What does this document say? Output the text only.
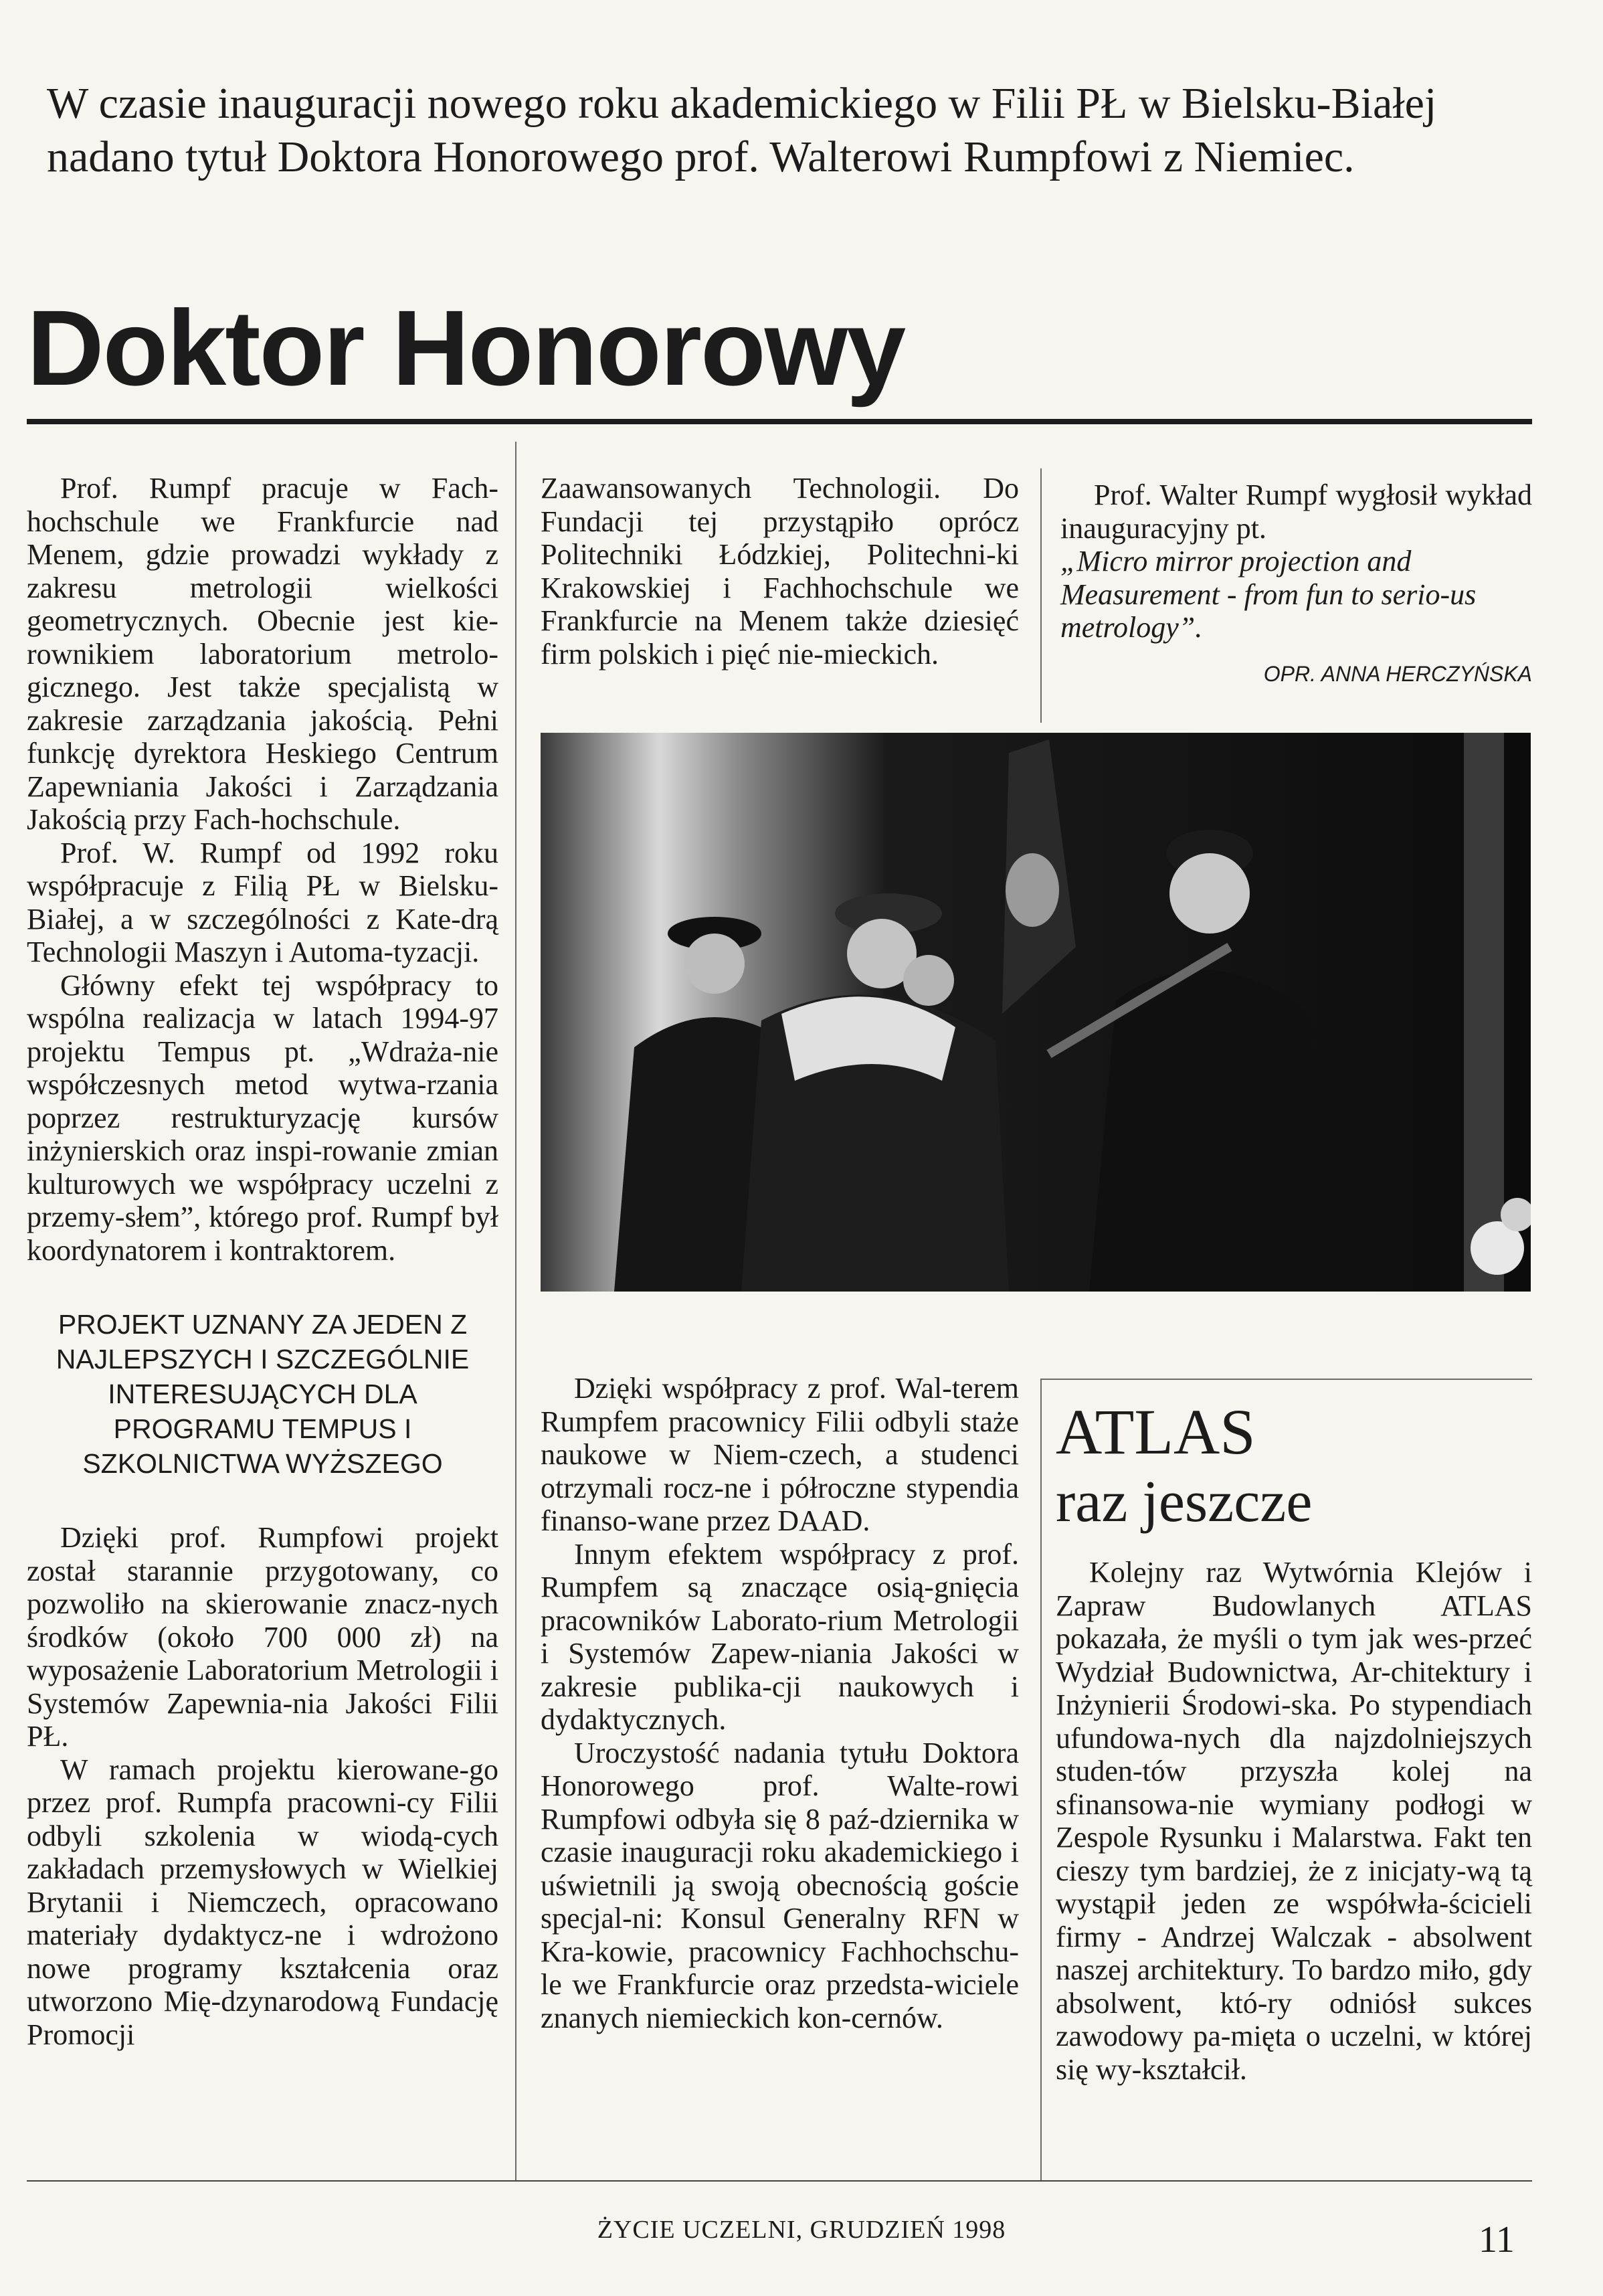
W czasie inauguracji nowego roku akademickiego w Filii PŁ w Bielsku-Białej nadano tytuł Doktora Honorowego prof. Walterowi Rumpfowi z Niemiec.
Doktor Honorowy

Prof. Rumpf pracuje w Fach-hochschule we Frankfurcie nad Menem, gdzie prowadzi wykłady z zakresu metrologii wielkości geometrycznych. Obecnie jest kie-rownikiem laboratorium metrolo-gicznego. Jest także specjalistą w zakresie zarządzania jakością. Pełni funkcję dyrektora Heskiego Centrum Zapewniania Jakości i Zarządzania Jakością przy Fach-hochschule.

Prof. W. Rumpf od 1992 roku współpracuje z Filią PŁ w Bielsku-Białej, a w szczególności z Kate-drą Technologii Maszyn i Automa-tyzacji.

Główny efekt tej współpracy to wspólna realizacja w latach 1994-97 projektu Tempus pt. „Wdraża-nie współczesnych metod wytwa-rzania poprzez restrukturyzację kursów inżynierskich oraz inspi-rowanie zmian kulturowych we współpracy uczelni z przemy-słem”, którego prof. Rumpf był koordynatorem i kontraktorem.

PROJEKT UZNANY ZA JEDEN Z NAJLEPSZYCH I SZCZEGÓLNIE INTERESUJĄCYCH DLA PROGRAMU TEMPUS I SZKOLNICTWA WYŻSZEGO

Dzięki prof. Rumpfowi projekt został starannie przygotowany, co pozwoliło na skierowanie znacz-nych środków (około 700 000 zł) na wyposażenie Laboratorium Metrologii i Systemów Zapewnia-nia Jakości Filii PŁ.

W ramach projektu kierowane-go przez prof. Rumpfa pracowni-cy Filii odbyli szkolenia w wiodą-cych zakładach przemysłowych w Wielkiej Brytanii i Niemczech, opracowano materiały dydaktycz-ne i wdrożono nowe programy kształcenia oraz utworzono Mię-dzynarodową Fundację Promocji

Zaawansowanych Technologii. Do Fundacji tej przystąpiło oprócz Politechniki Łódzkiej, Politechni-ki Krakowskiej i Fachhochschule we Frankfurcie na Menem także dziesięć firm polskich i pięć nie-mieckich.

Prof. Walter Rumpf wygłosił wykład inauguracyjny pt.

„Micro mirror projection and Measurement - from fun to serio-us metrology”.

OPR. ANNA HERCZYŃSKA

Dzięki współpracy z prof. Wal-terem Rumpfem pracownicy Filii odbyli staże naukowe w Niem-czech, a studenci otrzymali rocz-ne i półroczne stypendia finanso-wane przez DAAD.

Innym efektem współpracy z prof. Rumpfem są znaczące osią-gnięcia pracowników Laborato-rium Metrologii i Systemów Zapew-niania Jakości w zakresie publika-cji naukowych i dydaktycznych.

Uroczystość nadania tytułu Doktora Honorowego prof. Walte-rowi Rumpfowi odbyła się 8 paź-dziernika w czasie inauguracji roku akademickiego i uświetnili ją swoją obecnością goście specjal-ni: Konsul Generalny RFN w Kra-kowie, pracownicy Fachhochschu-le we Frankfurcie oraz przedsta-wiciele znanych niemieckich kon-cernów.

ATLAS
raz jeszcze

Kolejny raz Wytwórnia Klejów i Zapraw Budowlanych ATLAS pokazała, że myśli o tym jak wes-przeć Wydział Budownictwa, Ar-chitektury i Inżynierii Środowi-ska. Po stypendiach ufundowa-nych dla najzdolniejszych studen-tów przyszła kolej na sfinansowa-nie wymiany podłogi w Zespole Rysunku i Malarstwa. Fakt ten cieszy tym bardziej, że z inicjaty-wą tą wystąpił jeden ze współwła-ścicieli firmy - Andrzej Walczak - absolwent naszej architektury. To bardzo miło, gdy absolwent, któ-ry odniósł sukces zawodowy pa-mięta o uczelni, w której się wy-kształcił.

ŻYCIE UCZELNI, GRUDZIEŃ 1998	11
